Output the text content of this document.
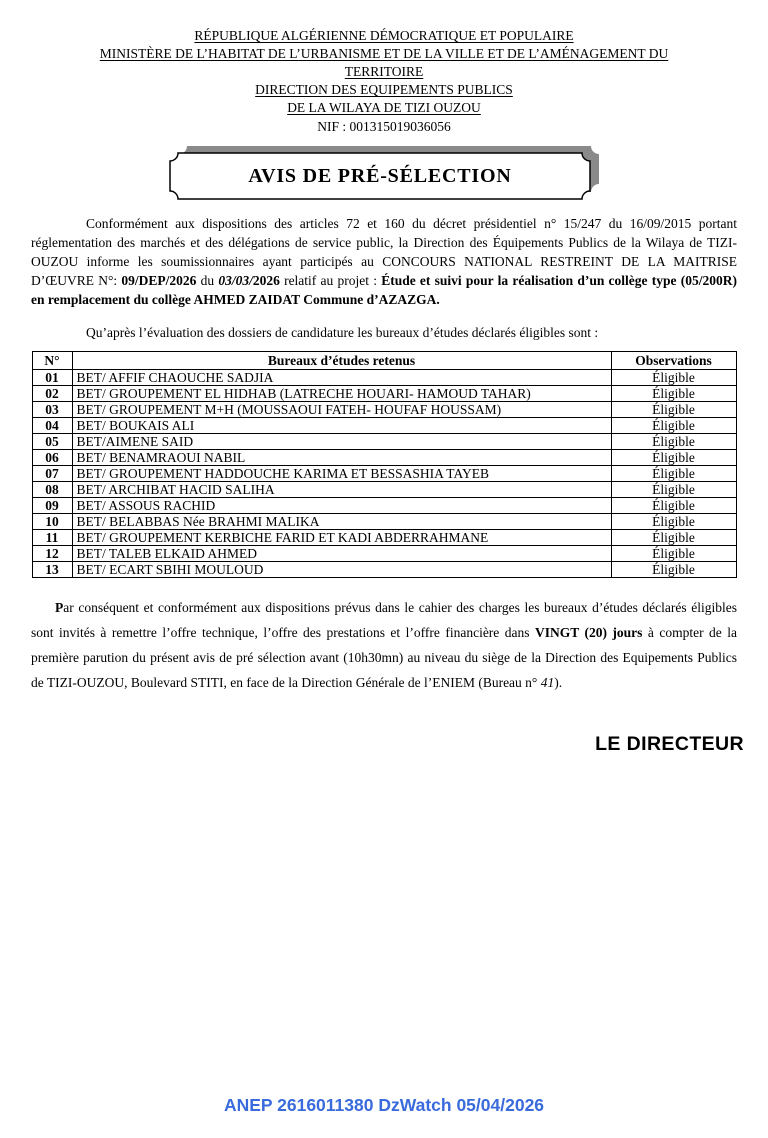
RÉPUBLIQUE ALGÉRIENNE DÉMOCRATIQUE ET POPULAIRE
MINISTÈRE DE L’HABITAT DE L’URBANISME ET DE LA VILLE ET DE L’AMÉNAGEMENT DU
TERRITOIRE
DIRECTION DES EQUIPEMENTS PUBLICS
DE LA WILAYA DE TIZI OUZOU
NIF : 001315019036056
AVIS DE PRÉ-SÉLECTION

Conformément aux dispositions des articles 72 et 160 du décret présidentiel n° 15/247 du 16/09/2015 portant réglementation des marchés et des délégations de service public, la Direction des Équipements Publics de la Wilaya de TIZI-OUZOU informe les soumissionnaires ayant participés au CONCOURS NATIONAL RESTREINT DE LA MAITRISE D’ŒUVRE N°: 09/DEP/2026 du 03/03/2026 relatif au projet : Étude et suivi pour la réalisation d’un collège type (05/200R) en remplacement du collège AHMED ZAIDAT Commune d’AZAZGA.

Qu’après l’évaluation des dossiers de candidature les bureaux d’études déclarés éligibles sont :

N°	Bureaux d’études retenus	Observations
01	BET/ AFFIF CHAOUCHE SADJIA	Éligible
02	BET/ GROUPEMENT EL HIDHAB (LATRECHE HOUARI- HAMOUD TAHAR)	Éligible
03	BET/ GROUPEMENT M+H (MOUSSAOUI FATEH- HOUFAF HOUSSAM)	Éligible
04	BET/ BOUKAIS ALI	Éligible
05	BET/AIMENE SAID	Éligible
06	BET/ BENAMRAOUI NABIL	Éligible
07	BET/ GROUPEMENT HADDOUCHE KARIMA ET BESSASHIA TAYEB	Éligible
08	BET/ ARCHIBAT HACID SALIHA	Éligible
09	BET/ ASSOUS RACHID	Éligible
10	BET/ BELABBAS Née BRAHMI MALIKA	Éligible
11	BET/ GROUPEMENT KERBICHE FARID ET KADI ABDERRAHMANE	Éligible
12	BET/ TALEB ELKAID AHMED	Éligible
13	BET/ ECART SBIHI MOULOUD	Éligible

Par conséquent et conformément aux dispositions prévus dans le cahier des charges les bureaux d’études déclarés éligibles sont invités à remettre l’offre technique, l’offre des prestations et l’offre financière dans VINGT (20) jours à compter de la première parution du présent avis de pré sélection avant (10h30mn) au niveau du siège de la Direction des Equipements Publics de TIZI-OUZOU, Boulevard STITI, en face de la Direction Générale de l’ENIEM (Bureau n° 41).

LE DIRECTEUR
ANEP 2616011380 DzWatch 05/04/2026
